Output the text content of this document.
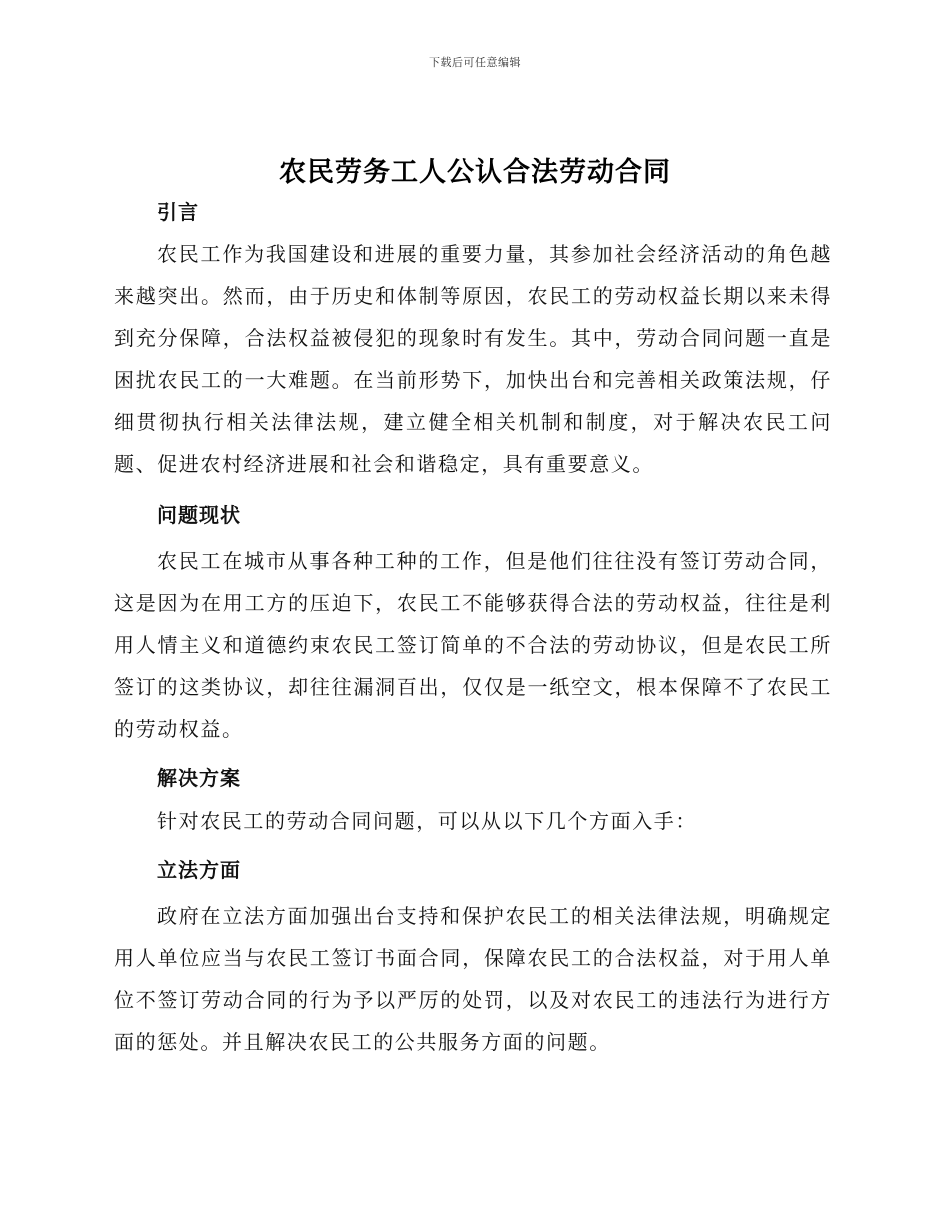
下载后可任意编辑
农民劳务工人公认合法劳动合同
引言

农民工作为我国建设和进展的重要力量，其参加社会经济活动的角色越来越突出。然而，由于历史和体制等原因，农民工的劳动权益长期以来未得到充分保障，合法权益被侵犯的现象时有发生。其中，劳动合同问题一直是困扰农民工的一大难题。在当前形势下，加快出台和完善相关政策法规，仔细贯彻执行相关法律法规，建立健全相关机制和制度，对于解决农民工问题、促进农村经济进展和社会和谐稳定，具有重要意义。

问题现状

农民工在城市从事各种工种的工作，但是他们往往没有签订劳动合同，这是因为在用工方的压迫下，农民工不能够获得合法的劳动权益，往往是利用人情主义和道德约束农民工签订简单的不合法的劳动协议，但是农民工所签订的这类协议，却往往漏洞百出，仅仅是一纸空文，根本保障不了农民工的劳动权益。

解决方案

针对农民工的劳动合同问题，可以从以下几个方面入手：

立法方面

政府在立法方面加强出台支持和保护农民工的相关法律法规，明确规定用人单位应当与农民工签订书面合同，保障农民工的合法权益，对于用人单位不签订劳动合同的行为予以严厉的处罚，以及对农民工的违法行为进行方面的惩处。并且解决农民工的公共服务方面的问题。
